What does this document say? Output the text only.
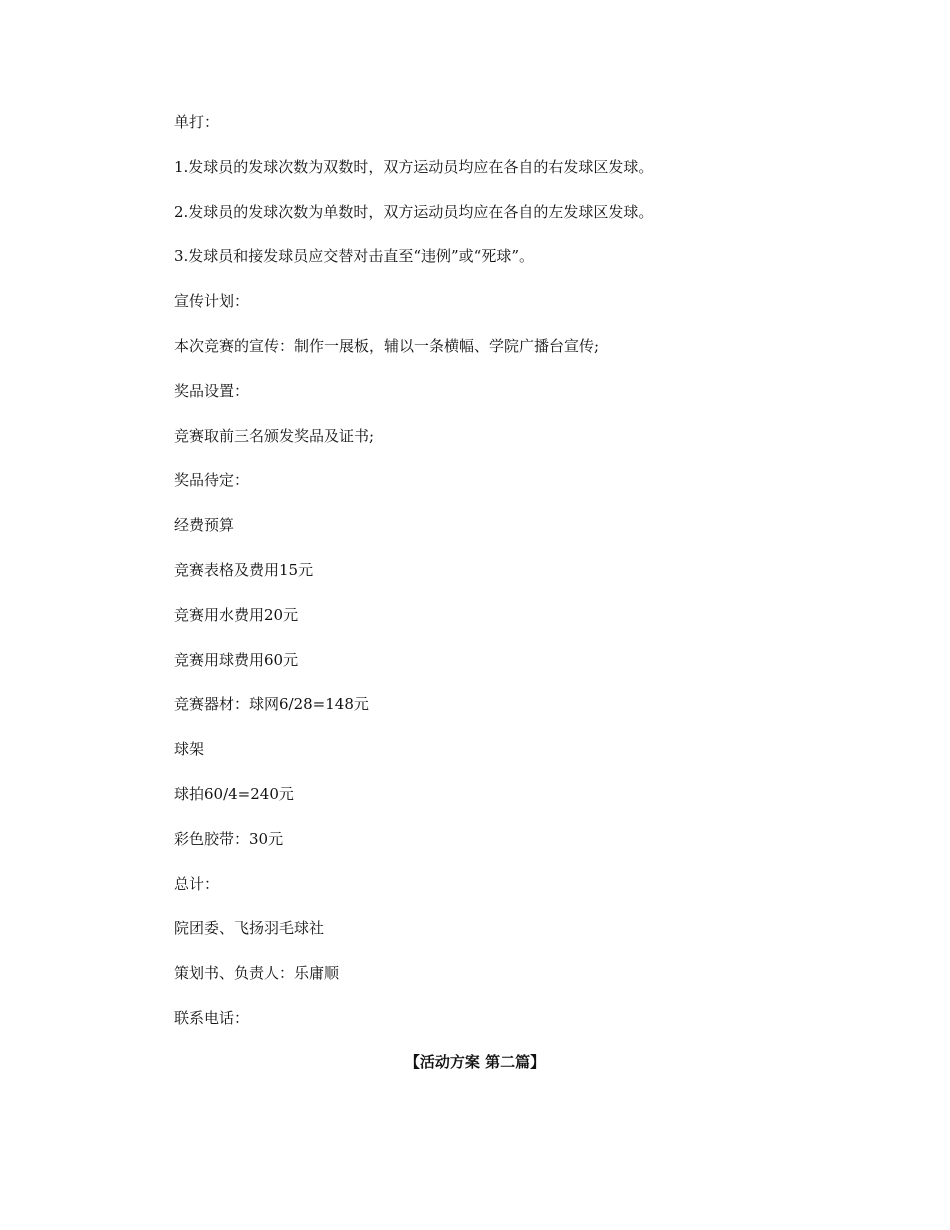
单打：

1.发球员的发球次数为双数时，双方运动员均应在各自的右发球区发球。

2.发球员的发球次数为单数时，双方运动员均应在各自的左发球区发球。

3.发球员和接发球员应交替对击直至“违例”或“死球”。

宣传计划：

本次竞赛的宣传：制作一展板，辅以一条横幅、学院广播台宣传;

奖品设置：

竞赛取前三名颁发奖品及证书;

奖品待定：

经费预算

竞赛表格及费用15元

竞赛用水费用20元

竞赛用球费用60元

竞赛器材：球网6/28=148元

球架

球拍60/4=240元

彩色胶带：30元

总计：

院团委、飞扬羽毛球社

策划书、负责人：乐庸顺

联系电话：

【活动方案 第二篇】
